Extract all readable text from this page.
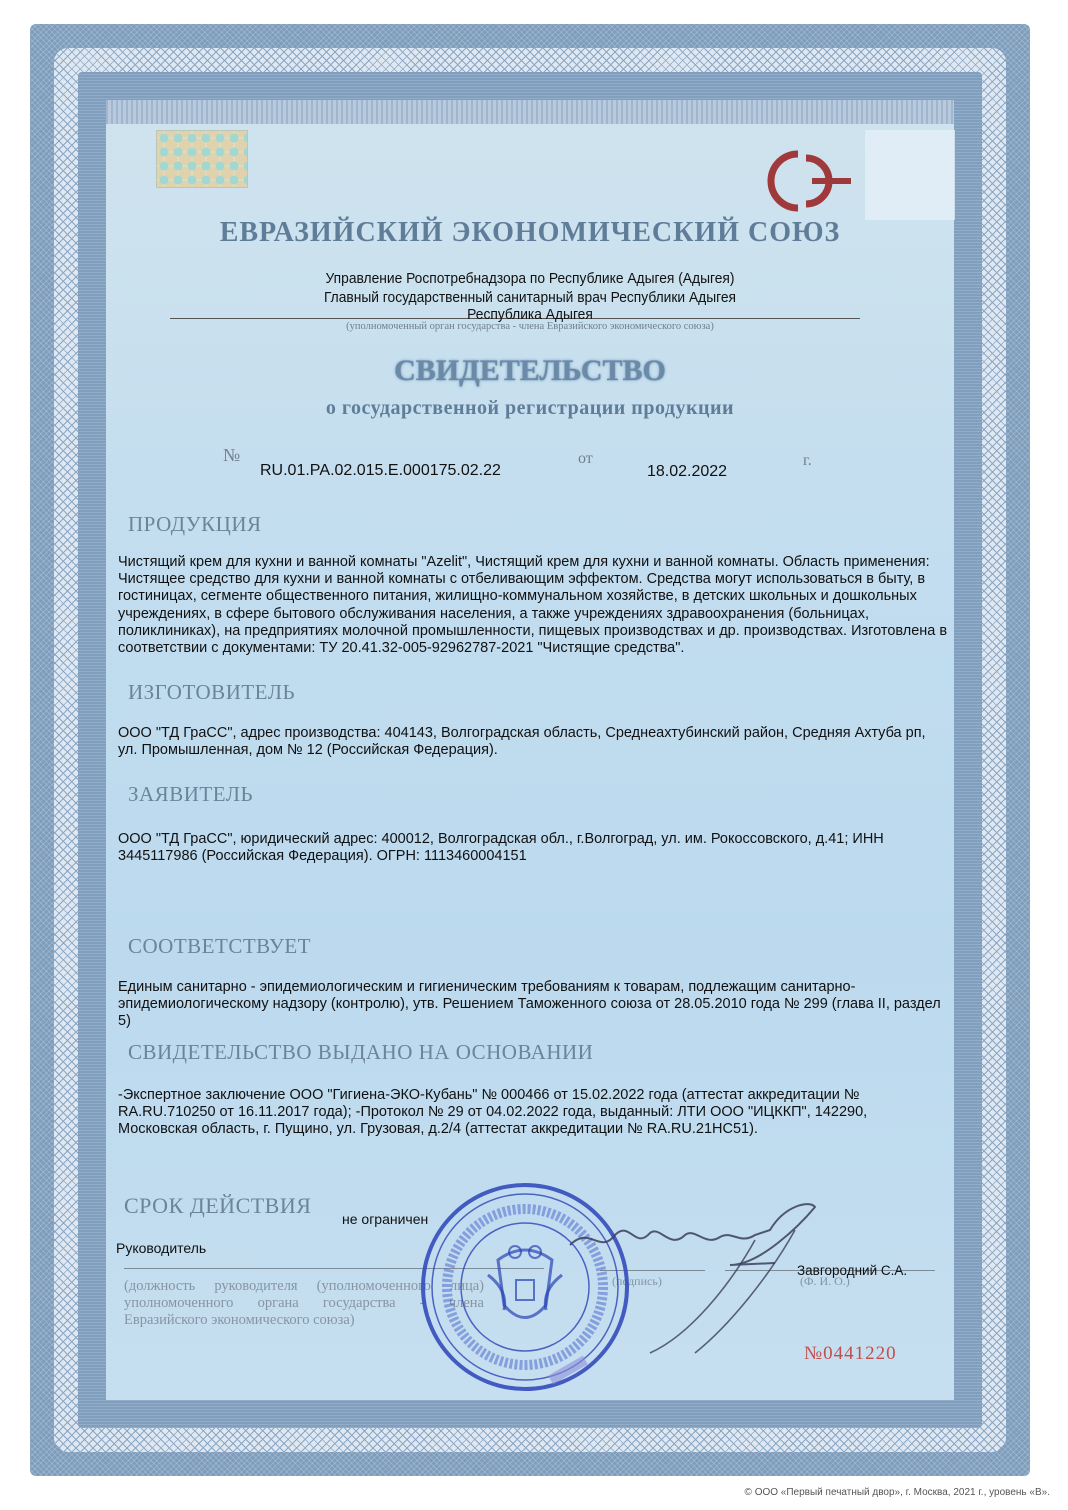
ЕВРАЗИЙСКИЙ ЭКОНОМИЧЕСКИЙ СОЮЗ
Управление Роспотребнадзора по Республике Адыгея (Адыгея)
Главный государственный санитарный врач Республики Адыгея
Республика Адыгея
(уполномоченный орган государства - члена Евразийского экономического союза)
СВИДЕТЕЛЬСТВО
о государственной регистрации продукции
№
RU.01.РА.02.015.Е.000175.02.22
от
18.02.2022
г.
ПРОДУКЦИЯ
Чистящий крем для кухни и ванной комнаты "Azelit", Чистящий крем для кухни и ванной комнаты. Область применения: Чистящее средство для кухни и ванной комнаты с отбеливающим эффектом. Средства могут использоваться в быту, в гостиницах, сегменте общественного питания, жилищно-коммунальном хозяйстве, в детских школьных и дошкольных учреждениях, в сфере бытового обслуживания населения, а также учреждениях здравоохранения (больницах, поликлиниках), на предприятиях молочной промышленности, пищевых производствах и др. производствах. Изготовлена в соответствии с документами: ТУ 20.41.32-005-92962787-2021 "Чистящие средства".
ИЗГОТОВИТЕЛЬ
ООО "ТД ГраСС", адрес производства: 404143, Волгоградская область, Среднеахтубинский район, Средняя Ахтуба рп, ул. Промышленная, дом № 12 (Российская Федерация).
ЗАЯВИТЕЛЬ
ООО "ТД ГраСС", юридический адрес: 400012, Волгоградская обл., г.Волгоград, ул. им. Рокоссовского, д.41; ИНН 3445117986 (Российская Федерация). ОГРН: 1113460004151
СООТВЕТСТВУЕТ
Единым санитарно - эпидемиологическим и гигиеническим требованиям к товарам, подлежащим санитарно-эпидемиологическому надзору (контролю), утв. Решением Таможенного союза от 28.05.2010 года № 299 (глава II, раздел 5)
СВИДЕТЕЛЬСТВО ВЫДАНО НА ОСНОВАНИИ
-Экспертное заключение ООО "Гигиена-ЭКО-Кубань" № 000466 от 15.02.2022 года (аттестат аккредитации № RA.RU.710250 от 16.11.2017 года); -Протокол № 29 от 04.02.2022 года, выданный: ЛТИ ООО "ИЦККП", 142290, Московская область, г. Пущино, ул. Грузовая, д.2/4 (аттестат аккредитации № RA.RU.21НС51).
СРОК ДЕЙСТВИЯ
не ограничен
Руководитель
(должность руководителя (уполномоченного лица) уполномоченного органа государства - члена Евразийского экономического союза)
(подпись)	(Ф. И. О.)
Завгородний С.А.
№0441220
© ООО «Первый печатный двор», г. Москва, 2021 г., уровень «В».
